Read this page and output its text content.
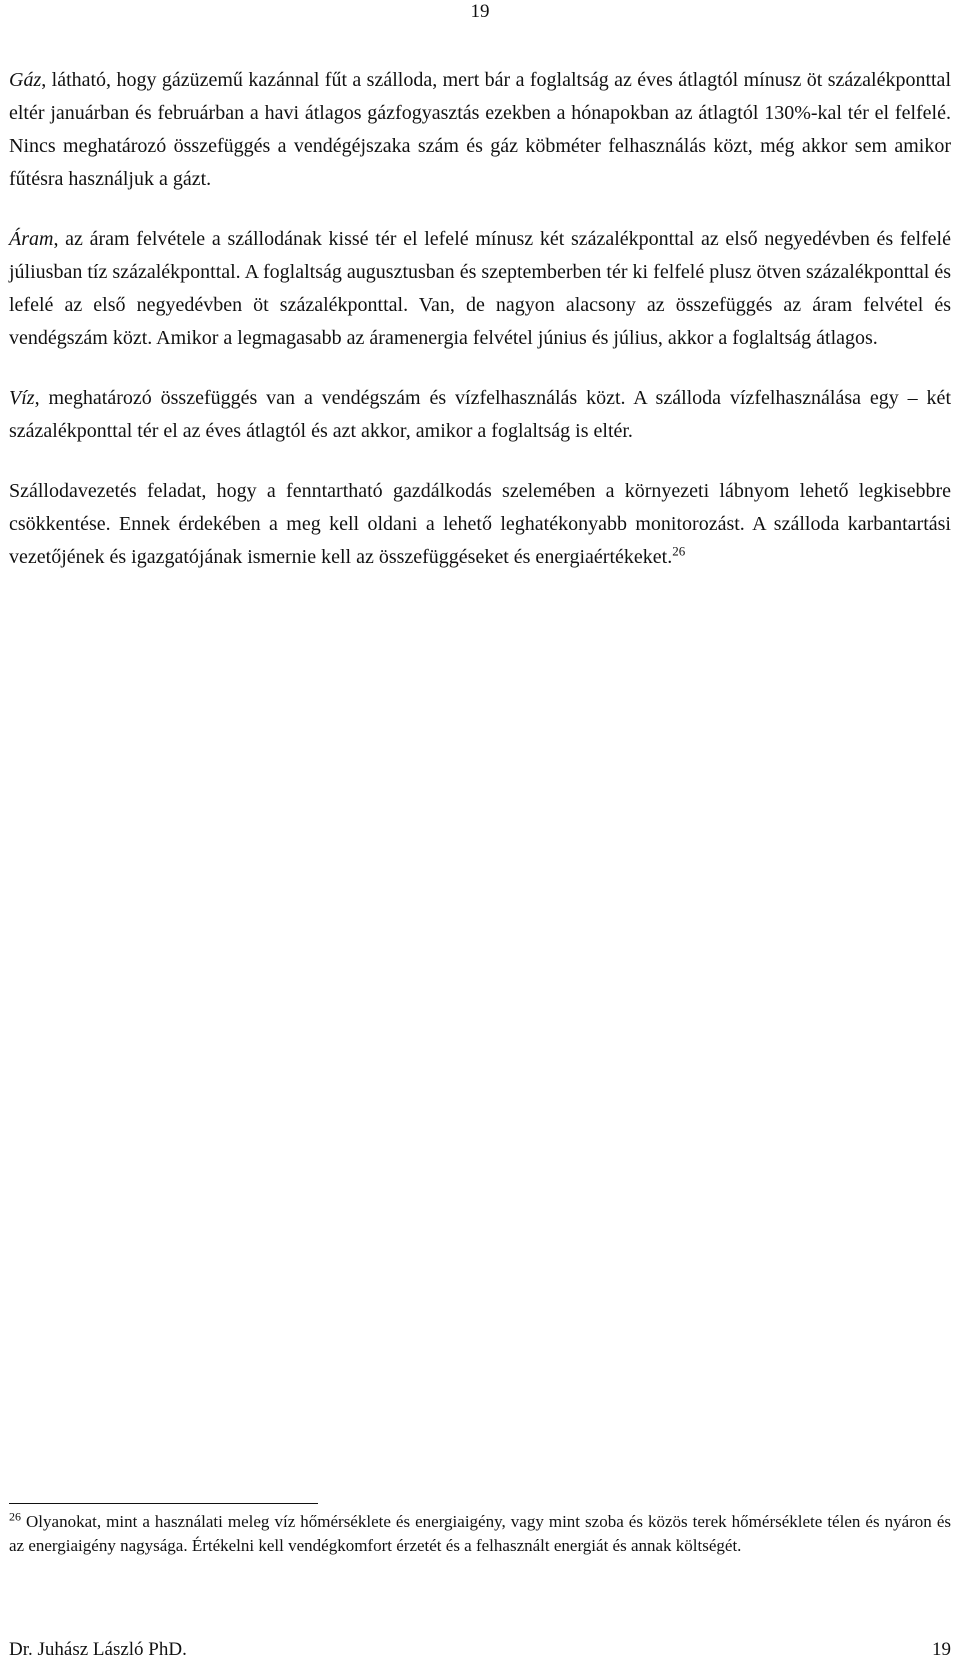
19

Gáz, látható, hogy gázüzemű kazánnal fűt a szálloda, mert bár a foglaltság az éves átlagtól mínusz öt százalékponttal eltér januárban és februárban a havi átlagos gázfogyasztás ezekben a hónapokban az átlagtól 130%-kal tér el felfelé. Nincs meghatározó összefüggés a vendégéjszaka szám és gáz köbméter felhasználás közt, még akkor sem amikor fűtésra használjuk a gázt.

Áram, az áram felvétele a szállodának kissé tér el lefelé mínusz két százalékponttal az első negyedévben és felfelé júliusban tíz százalékponttal. A foglaltság augusztusban és szeptemberben tér ki felfelé plusz ötven százalékponttal és lefelé az első negyedévben öt százalékponttal. Van, de nagyon alacsony az összefüggés az áram felvétel és vendégszám közt. Amikor a legmagasabb az áramenergia felvétel június és július, akkor a foglaltság átlagos.

Víz, meghatározó összefüggés van a vendégszám és vízfelhasználás közt. A szálloda vízfelhasználása egy – két százalékponttal tér el az éves átlagtól és azt akkor, amikor a foglaltság is eltér.

Szállodavezetés feladat, hogy a fenntartható gazdálkodás szelemében a környezeti lábnyom lehető legkisebbre csökkentése. Ennek érdekében a meg kell oldani a lehető leghatékonyabb monitorozást. A szálloda karbantartási vezetőjének és igazgatójának ismernie kell az összefüggéseket és energiaértékeket.$^{26}$

$^{26}$ Olyanokat, mint a használati meleg víz hőmérséklete és energiaigény, vagy mint szoba és közös terek hőmérséklete télen és nyáron és az energiaigény nagysága. Értékelni kell vendégkomfort érzetét és a felhasznált energiát és annak költségét.
Dr. Juhász László PhD.	19
